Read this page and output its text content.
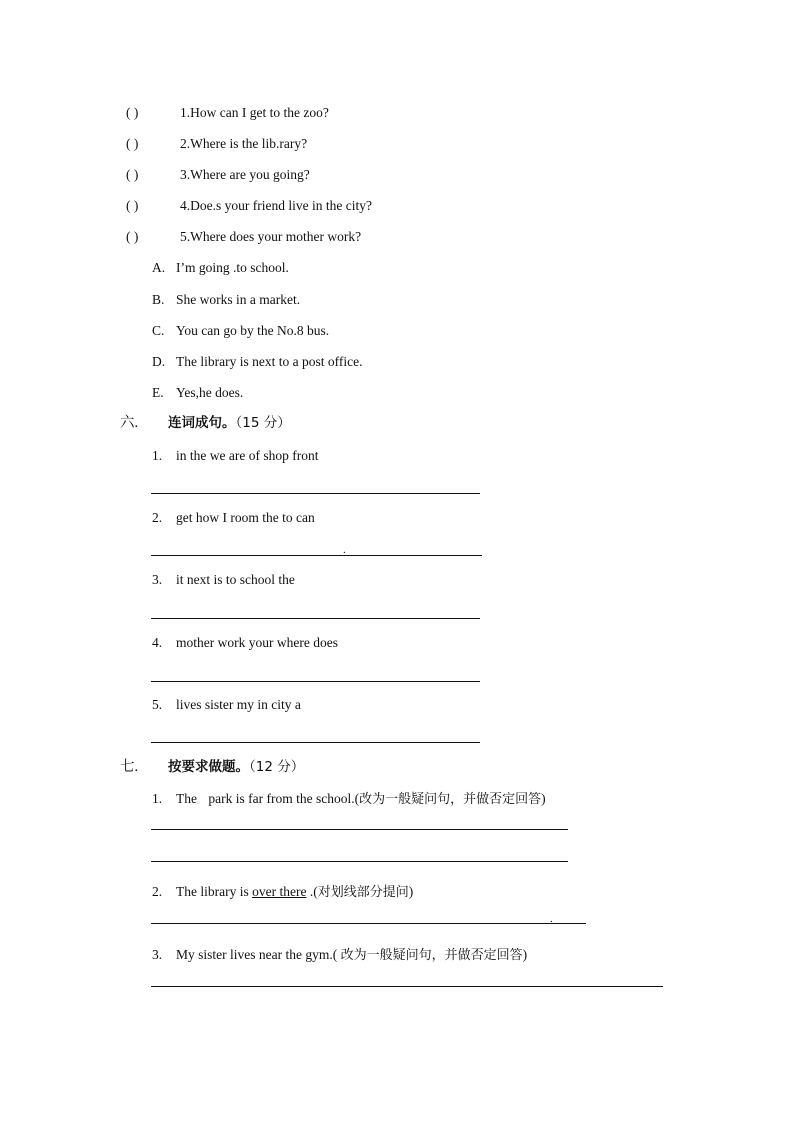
( )	1.How can I get to the zoo?
( )	2.Where is the lib.rary?
( )	3.Where are you going?
( )	4.Doe.s your friend live in the city?
( )	5.Where does your mother work?
A. I’m going .to school.
B. She works in a market.
C. You can go by the No.8 bus.
D. The library is next to a post office.
E. Yes,he does.
六. 连词成句。（15 分）
1. in the we are of shop front
2. get how I room the to can
.
3. it next is to school the
4. mother work your where does
5. lives sister my in city a
七. 按要求做题。（12 分）
1. The。 park is far from the school.(改为一般疑问句，并做否定回答)
2. The library is over there .(对划线部分提问)
.
3. My sister lives near the gym.( 改为一般疑问句，并做否定回答)
